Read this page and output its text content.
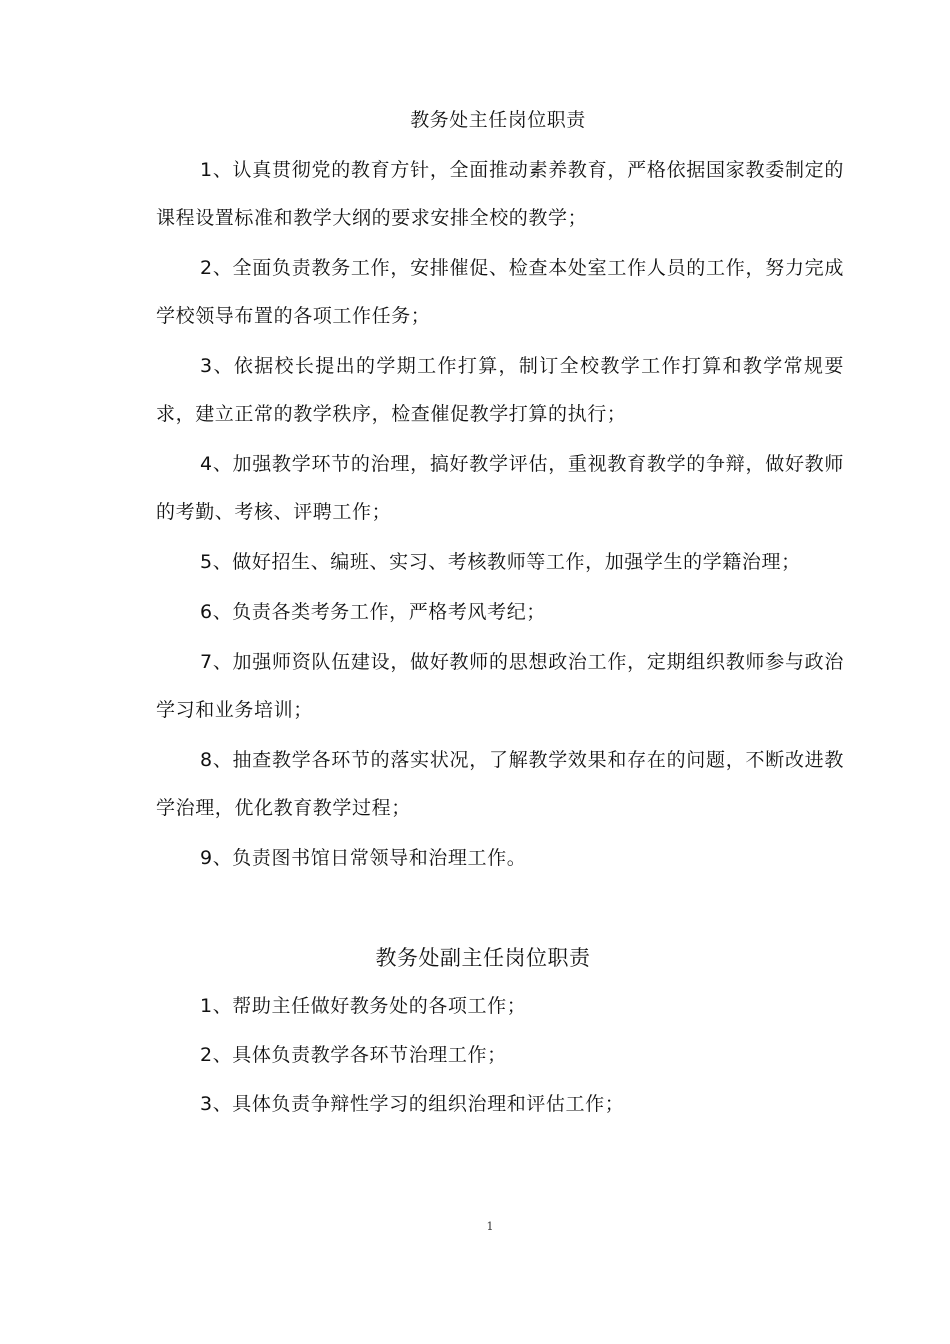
教务处主任岗位职责

1、认真贯彻党的教育方针，全面推动素养教育，严格依据国家教委制定的课程设置标准和教学大纲的要求安排全校的教学；

2、全面负责教务工作，安排催促、检查本处室工作人员的工作，努力完成学校领导布置的各项工作任务；

3、依据校长提出的学期工作打算，制订全校教学工作打算和教学常规要求，建立正常的教学秩序，检查催促教学打算的执行；

4、加强教学环节的治理，搞好教学评估，重视教育教学的争辩，做好教师的考勤、考核、评聘工作；

5、做好招生、编班、实习、考核教师等工作，加强学生的学籍治理；

6、负责各类考务工作，严格考风考纪；

7、加强师资队伍建设，做好教师的思想政治工作，定期组织教师参与政治学习和业务培训；

8、抽查教学各环节的落实状况，了解教学效果和存在的问题，不断改进教学治理，优化教育教学过程；

9、负责图书馆日常领导和治理工作。

教务处副主任岗位职责

1、帮助主任做好教务处的各项工作；

2、具体负责教学各环节治理工作；

3、具体负责争辩性学习的组织治理和评估工作；

1
